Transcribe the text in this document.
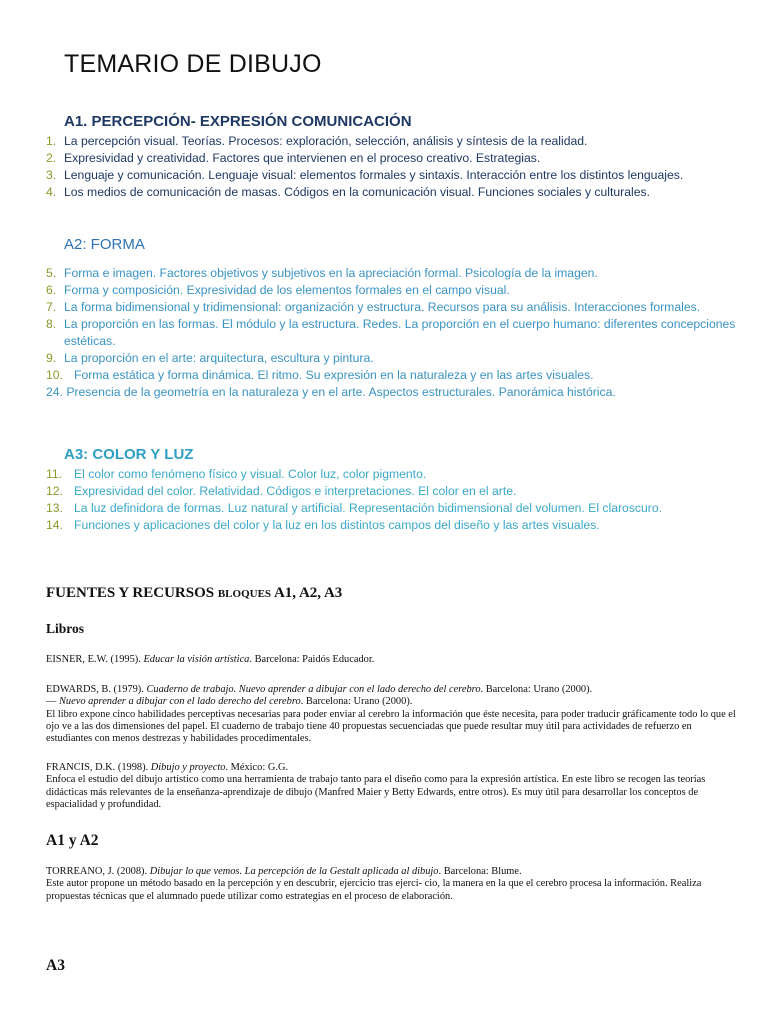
TEMARIO DE DIBUJO
A1. PERCEPCIÓN- EXPRESIÓN COMUNICACIÓN
1. La percepción visual. Teorías. Procesos: exploración, selección, análisis y síntesis de la realidad.
2. Expresividad y creatividad. Factores que intervienen en el proceso creativo. Estrategias.
3. Lenguaje y comunicación. Lenguaje visual: elementos formales y sintaxis. Interacción entre los distintos lenguajes.
4. Los medios de comunicación de masas. Códigos en la comunicación visual. Funciones sociales y culturales.
A2: FORMA
5. Forma e imagen. Factores objetivos y subjetivos en la apreciación formal. Psicología de la imagen.
6. Forma y composición. Expresividad de los elementos formales en el campo visual.
7. La forma bidimensional y tridimensional: organización y estructura. Recursos para su análisis. Interacciones formales.
8. La proporción en las formas. El módulo y la estructura. Redes. La proporción en el cuerpo humano: diferentes concepciones estéticas.
9. La proporción en el arte: arquitectura, escultura y pintura.
10. Forma estática y forma dinámica. El ritmo. Su expresión en la naturaleza y en las artes visuales.
24. Presencia de la geometría en la naturaleza y en el arte. Aspectos estructurales. Panorámica histórica.
A3: COLOR Y LUZ
11. El color como fenómeno físico y visual. Color luz, color pigmento.
12. Expresividad del color. Relatividad. Códigos e interpretaciones. El color en el arte.
13. La luz definidora de formas. Luz natural y artificial. Representación bidimensional del volumen. El claroscuro.
14. Funciones y aplicaciones del color y la luz en los distintos campos del diseño y las artes visuales.
FUENTES Y RECURSOS bloques A1, A2, A3
Libros

EISNER, E.W. (1995). Educar la visión artística. Barcelona: Paidós Educador.

EDWARDS, B. (1979). Cuaderno de trabajo. Nuevo aprender a dibujar con el lado derecho del cerebro. Barcelona: Urano (2000).
— Nuevo aprender a dibujar con el lado derecho del cerebro. Barcelona: Urano (2000).
El libro expone cinco habilidades perceptivas necesarias para poder enviar al cerebro la información que éste necesita, para poder traducir gráficamente todo lo que el ojo ve a las dos dimensiones del papel. El cuaderno de trabajo tiene 40 propuestas secuenciadas que puede resultar muy útil para actividades de refuerzo en estudiantes con menos destrezas y habilidades procedimentales.

FRANCIS, D.K. (1998). Dibujo y proyecto. México: G.G.
Enfoca el estudio del dibujo artístico como una herramienta de trabajo tanto para el diseño como para la expresión artística. En este libro se recogen las teorías didácticas más relevantes de la enseñanza-aprendizaje de dibujo (Manfred Maier y Betty Edwards, entre otros). Es muy útil para desarrollar los conceptos de espacialidad y profundidad.

A1 y A2

TORREANO, J. (2008). Dibujar lo que vemos. La percepción de la Gestalt aplicada al dibujo. Barcelona: Blume.
Este autor propone un método basado en la percepción y en descubrir, ejercicio tras ejerci- cio, la manera en la que el cerebro procesa la información. Realiza propuestas técnicas que el alumnado puede utilizar como estrategias en el proceso de elaboración.

A3
